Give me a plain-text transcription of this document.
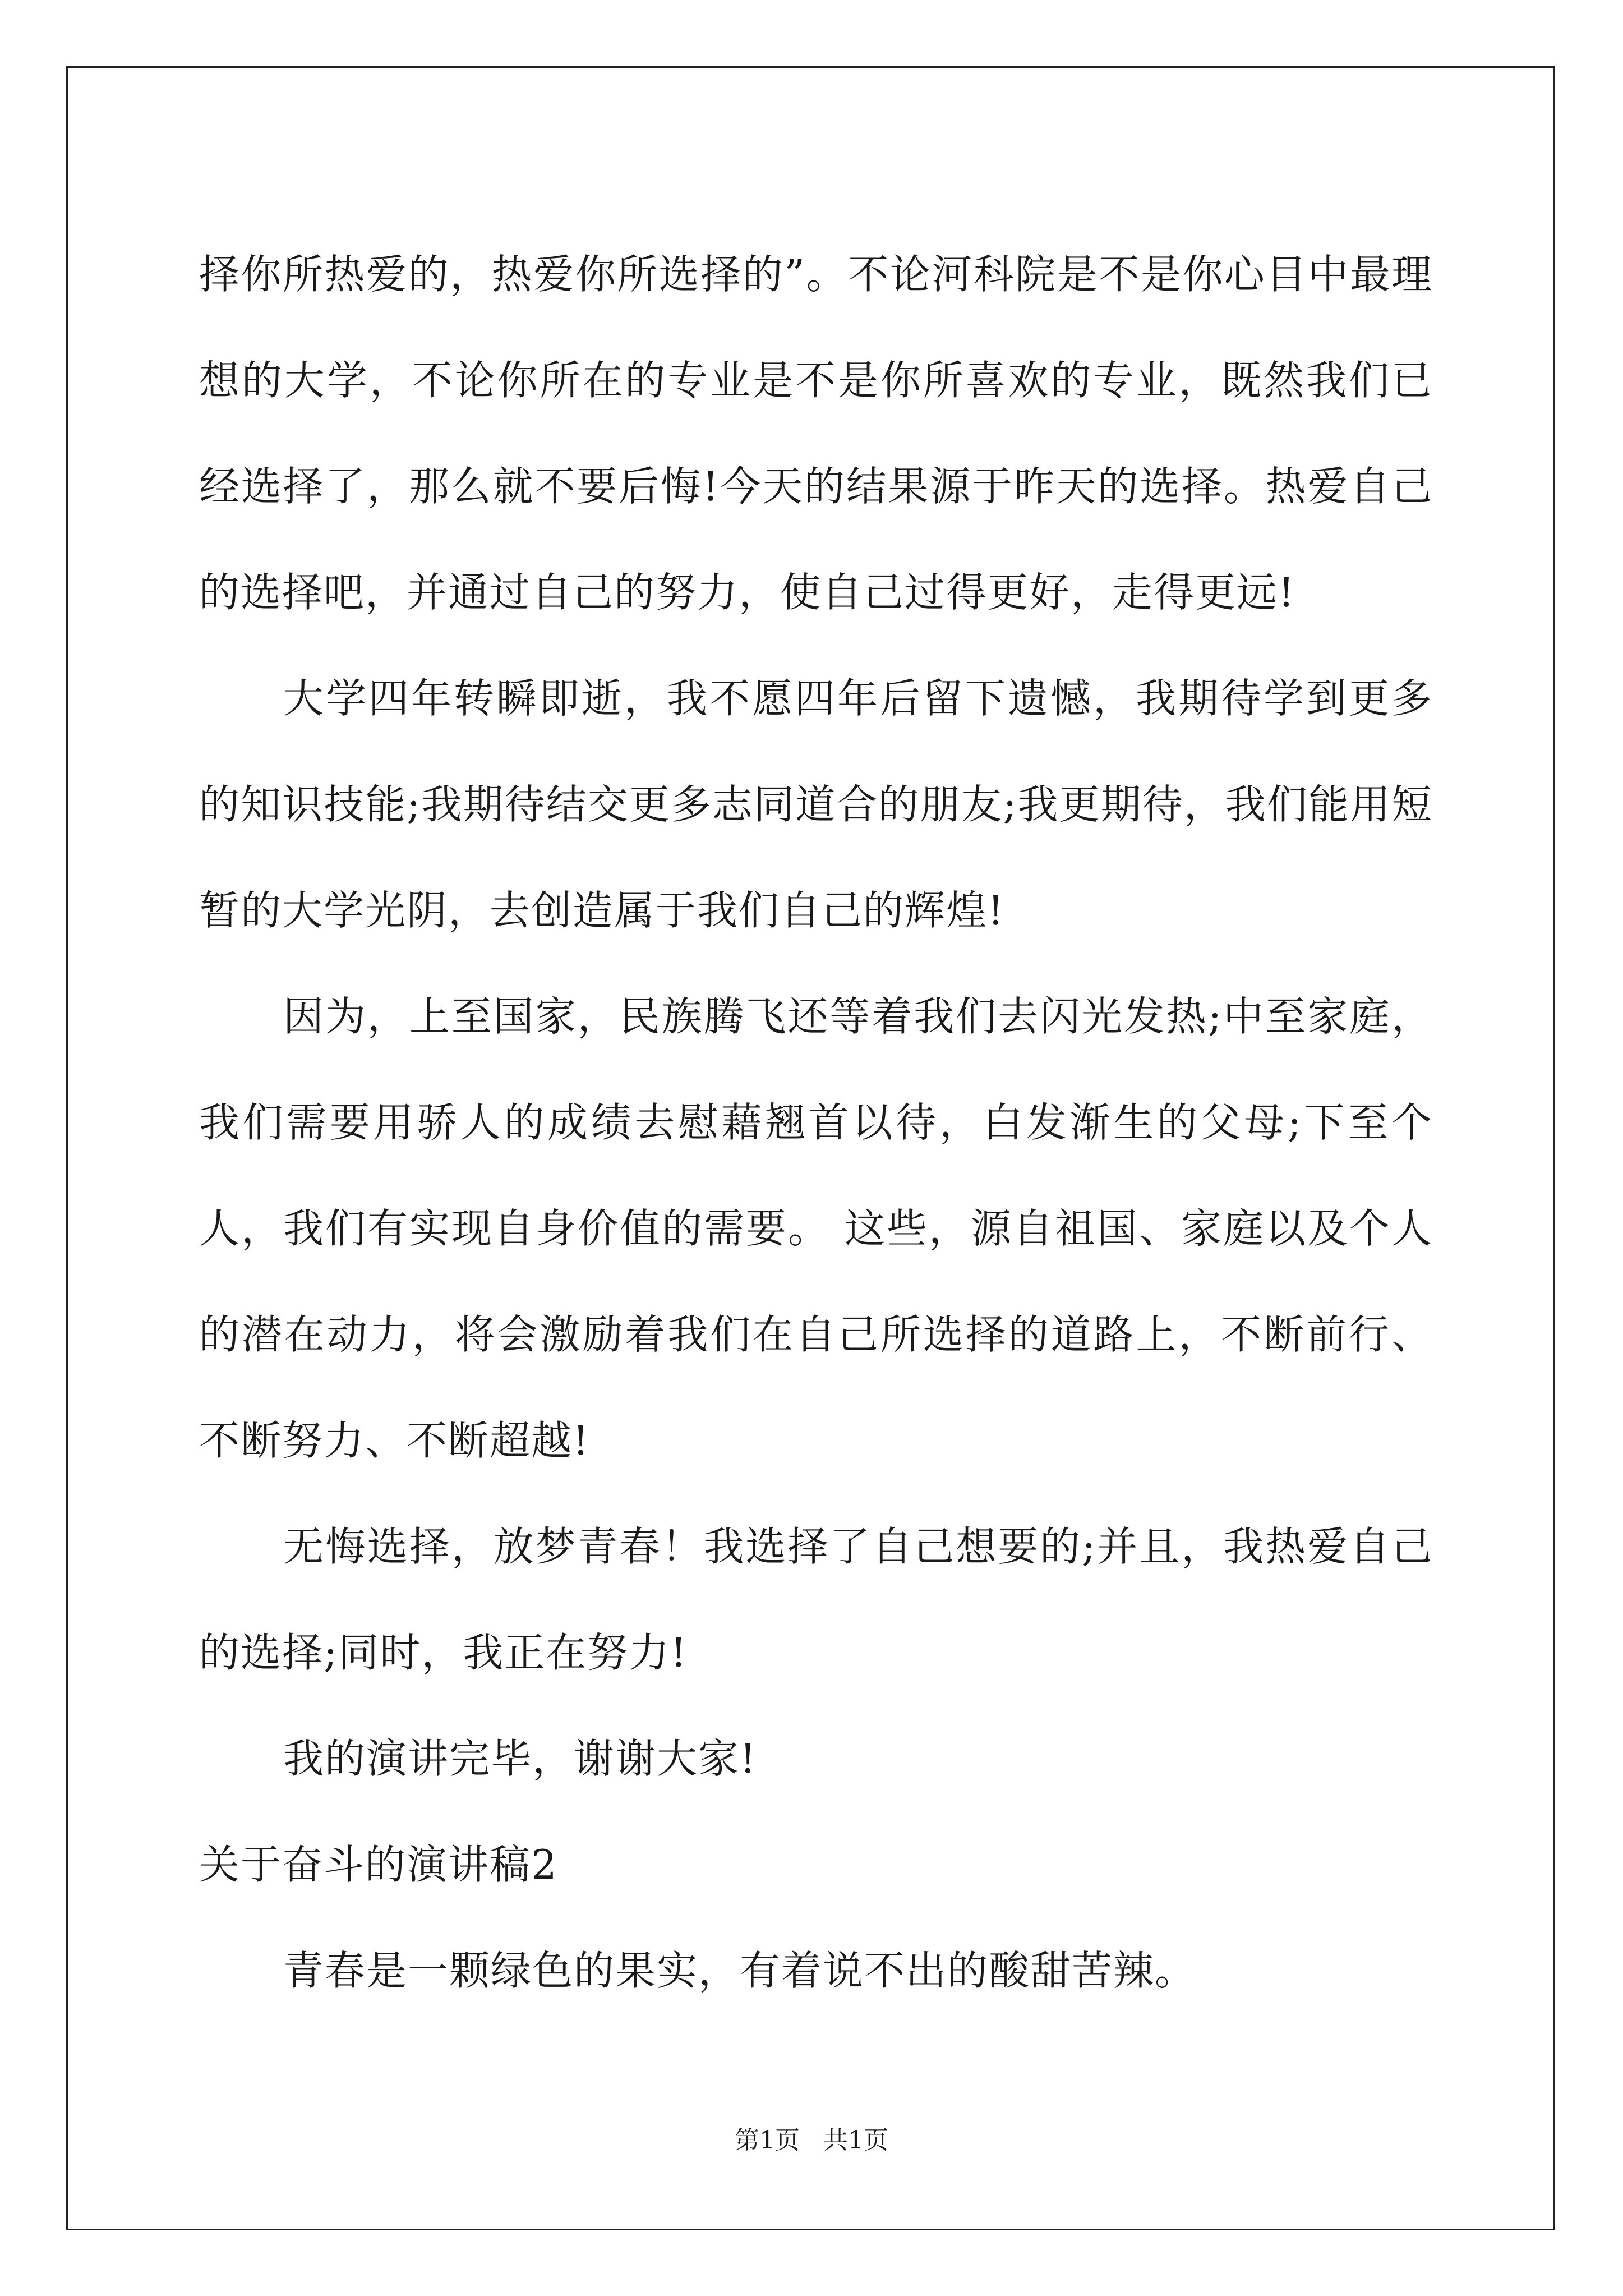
择你所热爱的，热爱你所选择的”。不论河科院是不是你心目中最理想的大学，不论你所在的专业是不是你所喜欢的专业，既然我们已经选择了，那么就不要后悔!今天的结果源于昨天的选择。热爱自己的选择吧，并通过自己的努力，使自己过得更好，走得更远!

大学四年转瞬即逝，我不愿四年后留下遗憾，我期待学到更多的知识技能;我期待结交更多志同道合的朋友;我更期待，我们能用短暂的大学光阴，去创造属于我们自己的辉煌!

因为，上至国家，民族腾飞还等着我们去闪光发热;中至家庭，我们需要用骄人的成绩去慰藉翘首以待，白发渐生的父母;下至个人，我们有实现自身价值的需要。 这些，源自祖国、家庭以及个人的潜在动力，将会激励着我们在自己所选择的道路上，不断前行、不断努力、不断超越!

无悔选择，放梦青春！我选择了自己想要的;并且，我热爱自己的选择;同时，我正在努力!

我的演讲完毕，谢谢大家!

关于奋斗的演讲稿2

青春是一颗绿色的果实，有着说不出的酸甜苦辣。

第1页   共1页
